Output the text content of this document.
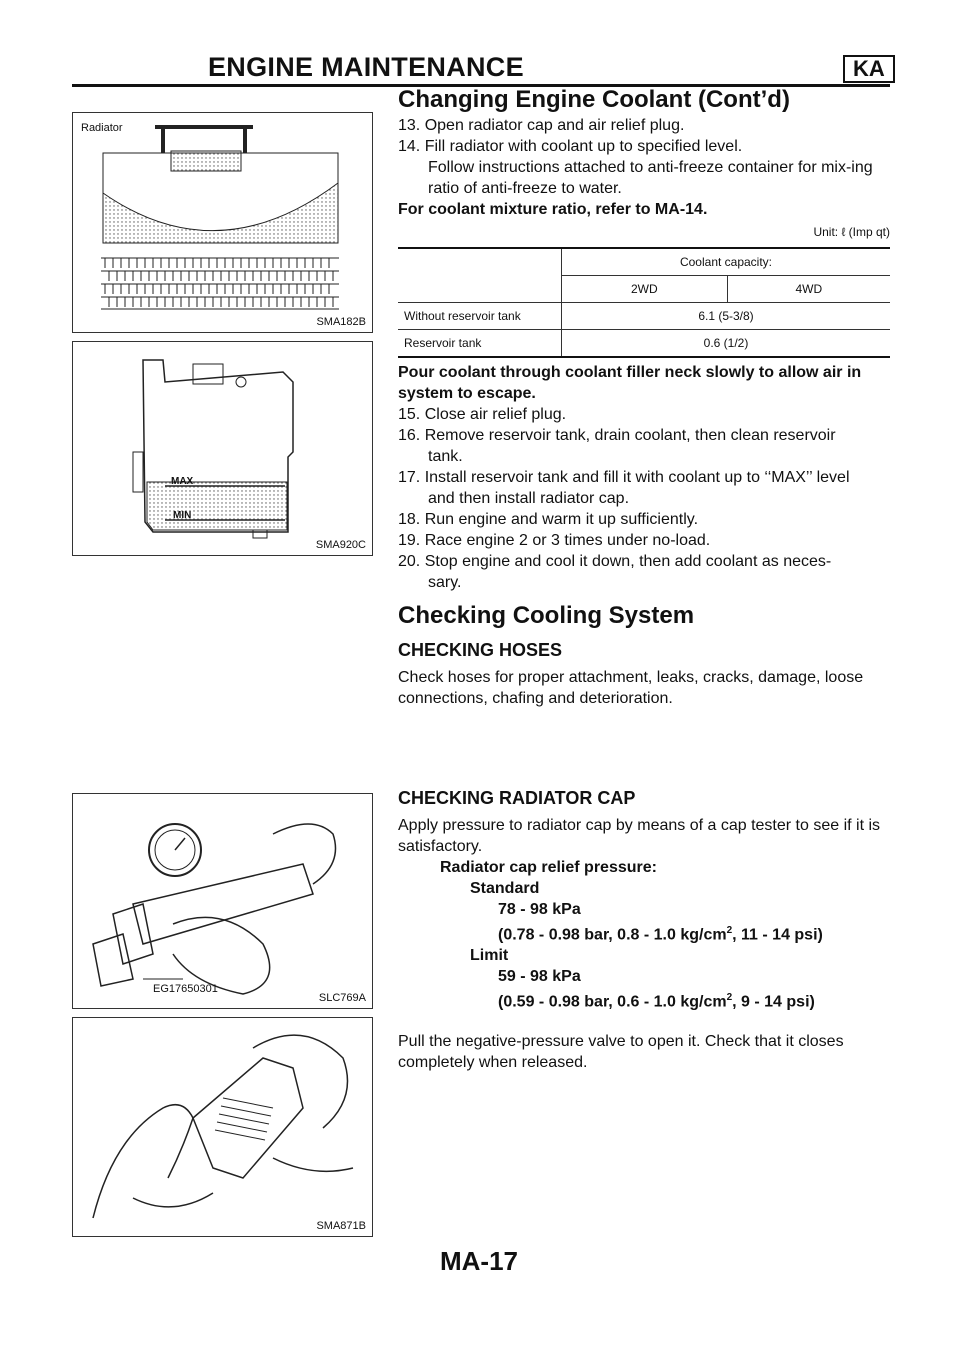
ENGINE MAINTENANCE	KA
Changing Engine Coolant (Cont’d)
Radiator
SMA182B
MAX
MIN
SMA920C
EG17650301
SLC769A
SMA871B

13. Open radiator cap and air relief plug.

14. Fill radiator with coolant up to specified level.
Follow instructions attached to anti-freeze container for mix-ing ratio of anti-freeze to water.

For coolant mixture ratio, refer to MA-14.
Unit: ℓ (Imp qt)
	Coolant capacity:	
	2WD	4WD
Without reservoir tank	6.1 (5-3/8)	
Reservoir tank	0.6 (1/2)	
Pour coolant through coolant filler neck slowly to allow air in system to escape.

15. Close air relief plug.

16. Remove reservoir tank, drain coolant, then clean reservoir
tank.

17. Install reservoir tank and fill it with coolant up to ‘‘MAX’’ level
and then install radiator cap.

18. Run engine and warm it up sufficiently.

19. Race engine 2 or 3 times under no-load.

20. Stop engine and cool it down, then add coolant as neces-
sary.

Checking Cooling System
CHECKING HOSES
Check hoses for proper attachment, leaks, cracks, damage, loose connections, chafing and deterioration.
CHECKING RADIATOR CAP
Apply pressure to radiator cap by means of a cap tester to see if it is satisfactory.
Radiator cap relief pressure:
Standard
78 - 98 kPa
(0.78 - 0.98 bar, 0.8 - 1.0 $kg/cm^2$, 11 - 14 psi)
Limit
59 - 98 kPa
(0.59 - 0.98 bar, 0.6 - 1.0 $kg/cm^2$, 9 - 14 psi)
Pull the negative-pressure valve to open it. Check that it closes completely when released.
MA-17
